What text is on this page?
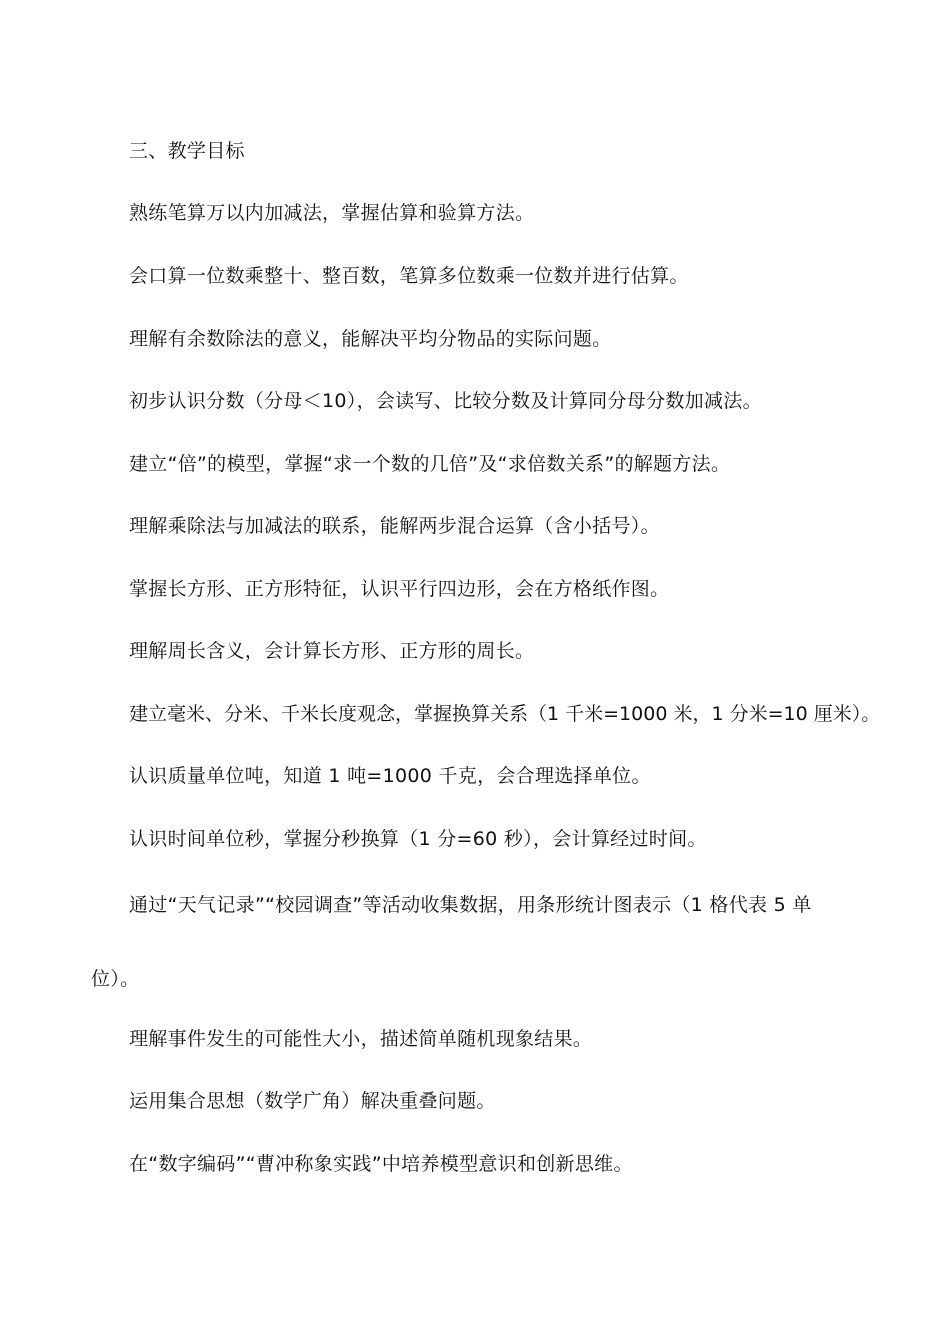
三、教学目标

熟练笔算万以内加减法，掌握估算和验算方法。

会口算一位数乘整十、整百数，笔算多位数乘一位数并进行估算。

理解有余数除法的意义，能解决平均分物品的实际问题。

初步认识分数（分母＜10），会读写、比较分数及计算同分母分数加减法。

建立“倍”的模型，掌握“求一个数的几倍”及“求倍数关系”的解题方法。

理解乘除法与加减法的联系，能解两步混合运算（含小括号）。

掌握长方形、正方形特征，认识平行四边形，会在方格纸作图。

理解周长含义，会计算长方形、正方形的周长。

建立毫米、分米、千米长度观念，掌握换算关系（1 千米=1000 米，1 分米=10 厘米）。

认识质量单位吨，知道 1 吨=1000 千克，会合理选择单位。

认识时间单位秒，掌握分秒换算（1 分=60 秒），会计算经过时间。

通过“天气记录”“校园调查”等活动收集数据，用条形统计图表示（1 格代表 5 单位）。

理解事件发生的可能性大小，描述简单随机现象结果。

运用集合思想（数学广角）解决重叠问题。

在“数字编码”“曹冲称象实践”中培养模型意识和创新思维。
